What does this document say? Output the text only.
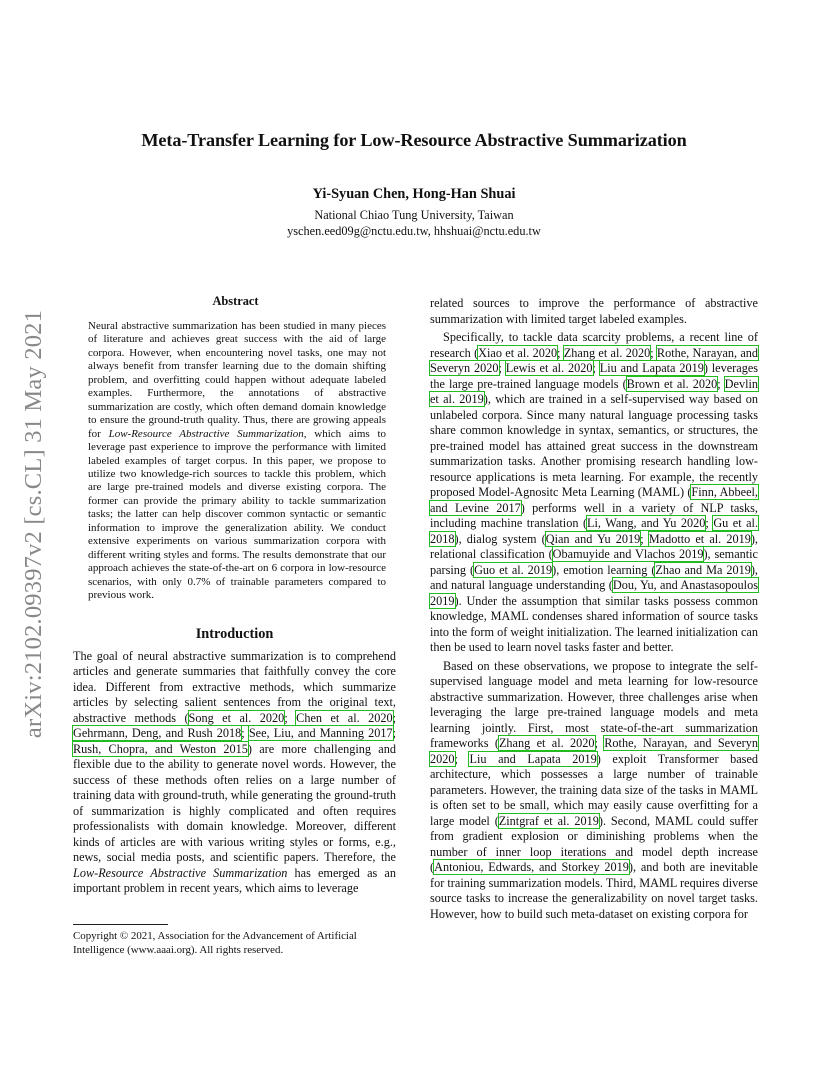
Meta-Transfer Learning for Low-Resource Abstractive Summarization
Yi-Syuan Chen, Hong-Han Shuai
National Chiao Tung University, Taiwan
yschen.eed09g@nctu.edu.tw, hhshuai@nctu.edu.tw
arXiv:2102.09397v2 [cs.CL] 31 May 2021
Abstract

Neural abstractive summarization has been studied in many pieces of literature and achieves great success with the aid of large corpora. However, when encountering novel tasks, one may not always benefit from transfer learning due to the domain shifting problem, and overfitting could happen without adequate labeled examples. Furthermore, the annotations of abstractive summarization are costly, which often demand domain knowledge to ensure the ground-truth quality. Thus, there are growing appeals for Low-Resource Abstractive Summarization, which aims to leverage past experience to improve the performance with limited labeled examples of target corpus. In this paper, we propose to utilize two knowledge-rich sources to tackle this problem, which are large pre-trained models and diverse existing corpora. The former can provide the primary ability to tackle summarization tasks; the latter can help discover common syntactic or semantic information to improve the generalization ability. We conduct extensive experiments on various summarization corpora with different writing styles and forms. The results demonstrate that our approach achieves the state-of-the-art on 6 corpora in low-resource scenarios, with only 0.7% of trainable parameters compared to previous work.

Introduction

The goal of neural abstractive summarization is to comprehend articles and generate summaries that faithfully convey the core idea. Different from extractive methods, which summarize articles by selecting salient sentences from the original text, abstractive methods (Song et al. 2020; Chen et al. 2020; Gehrmann, Deng, and Rush 2018; See, Liu, and Manning 2017; Rush, Chopra, and Weston 2015) are more challenging and flexible due to the ability to generate novel words. However, the success of these methods often relies on a large number of training data with ground-truth, while generating the ground-truth of summarization is highly complicated and often requires professionalists with domain knowledge. Moreover, different kinds of articles are with various writing styles or forms, e.g., news, social media posts, and scientific papers. Therefore, the Low-Resource Abstractive Summarization has emerged as an important problem in recent years, which aims to leverage

Copyright © 2021, Association for the Advancement of Artificial Intelligence (www.aaai.org). All rights reserved.

related sources to improve the performance of abstractive summarization with limited target labeled examples.

Specifically, to tackle data scarcity problems, a recent line of research (Xiao et al. 2020; Zhang et al. 2020; Rothe, Narayan, and Severyn 2020; Lewis et al. 2020; Liu and Lapata 2019) leverages the large pre-trained language models (Brown et al. 2020; Devlin et al. 2019), which are trained in a self-supervised way based on unlabeled corpora. Since many natural language processing tasks share common knowledge in syntax, semantics, or structures, the pre-trained model has attained great success in the downstream summarization tasks. Another promising research handling low-resource applications is meta learning. For example, the recently proposed Model-Agnositc Meta Learning (MAML) (Finn, Abbeel, and Levine 2017) performs well in a variety of NLP tasks, including machine translation (Li, Wang, and Yu 2020; Gu et al. 2018), dialog system (Qian and Yu 2019; Madotto et al. 2019), relational classification (Obamuyide and Vlachos 2019), semantic parsing (Guo et al. 2019), emotion learning (Zhao and Ma 2019), and natural language understanding (Dou, Yu, and Anastasopoulos 2019). Under the assumption that similar tasks possess common knowledge, MAML condenses shared information of source tasks into the form of weight initialization. The learned initialization can then be used to learn novel tasks faster and better.

Based on these observations, we propose to integrate the self-supervised language model and meta learning for low-resource abstractive summarization. However, three challenges arise when leveraging the large pre-trained language models and meta learning jointly. First, most state-of-the-art summarization frameworks (Zhang et al. 2020; Rothe, Narayan, and Severyn 2020; Liu and Lapata 2019) exploit Transformer based architecture, which possesses a large number of trainable parameters. However, the training data size of the tasks in MAML is often set to be small, which may easily cause overfitting for a large model (Zintgraf et al. 2019). Second, MAML could suffer from gradient explosion or diminishing problems when the number of inner loop iterations and model depth increase (Antoniou, Edwards, and Storkey 2019), and both are inevitable for training summarization models. Third, MAML requires diverse source tasks to increase the generalizability on novel target tasks. However, how to build such meta-dataset on existing corpora for
